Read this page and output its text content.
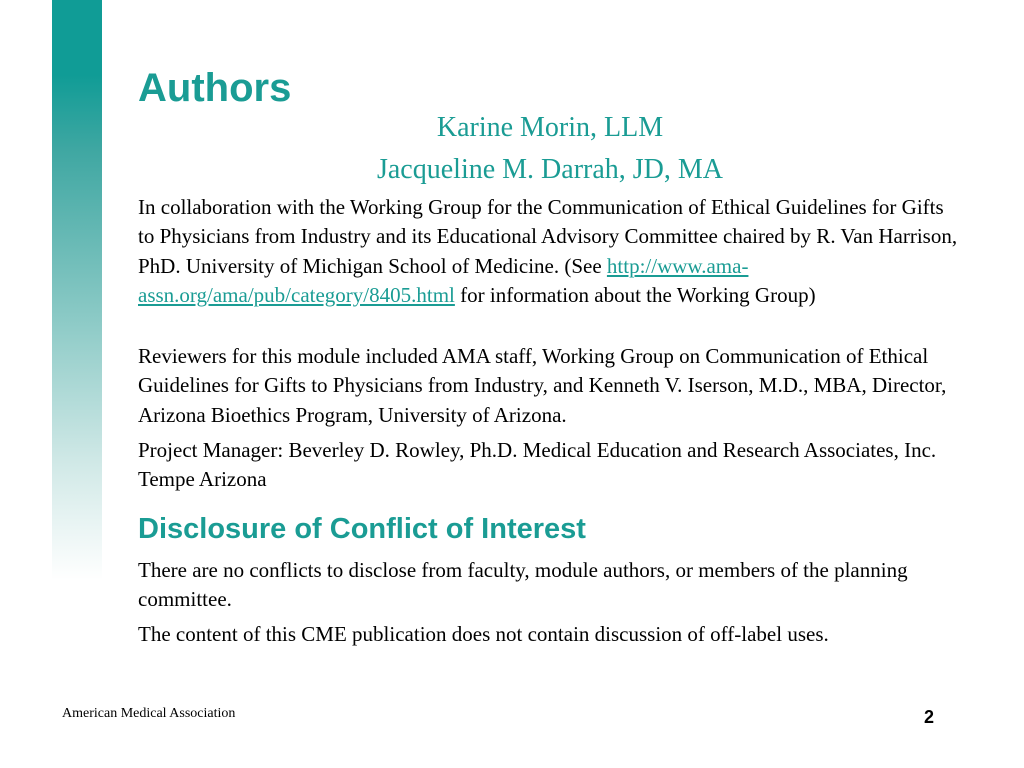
Authors
Karine Morin, LLM
Jacqueline M. Darrah, JD, MA

In collaboration with the Working Group for the Communication of Ethical Guidelines for Gifts to Physicians from Industry and its Educational Advisory Committee chaired by R. Van Harrison, PhD. University of Michigan School of Medicine. (See http://www.ama-assn.org/ama/pub/category/8405.html for information about the Working Group)

Reviewers for this module included AMA staff, Working Group on Communication of Ethical Guidelines for Gifts to Physicians from Industry, and Kenneth V. Iserson, M.D., MBA, Director, Arizona Bioethics Program, University of Arizona.

Project Manager: Beverley D. Rowley, Ph.D. Medical Education and Research Associates, Inc. Tempe Arizona

Disclosure of Conflict of Interest

There are no conflicts to disclose from faculty, module authors, or members of the planning committee.

The content of this CME publication does not contain discussion of off-label uses.

American Medical Association	2
